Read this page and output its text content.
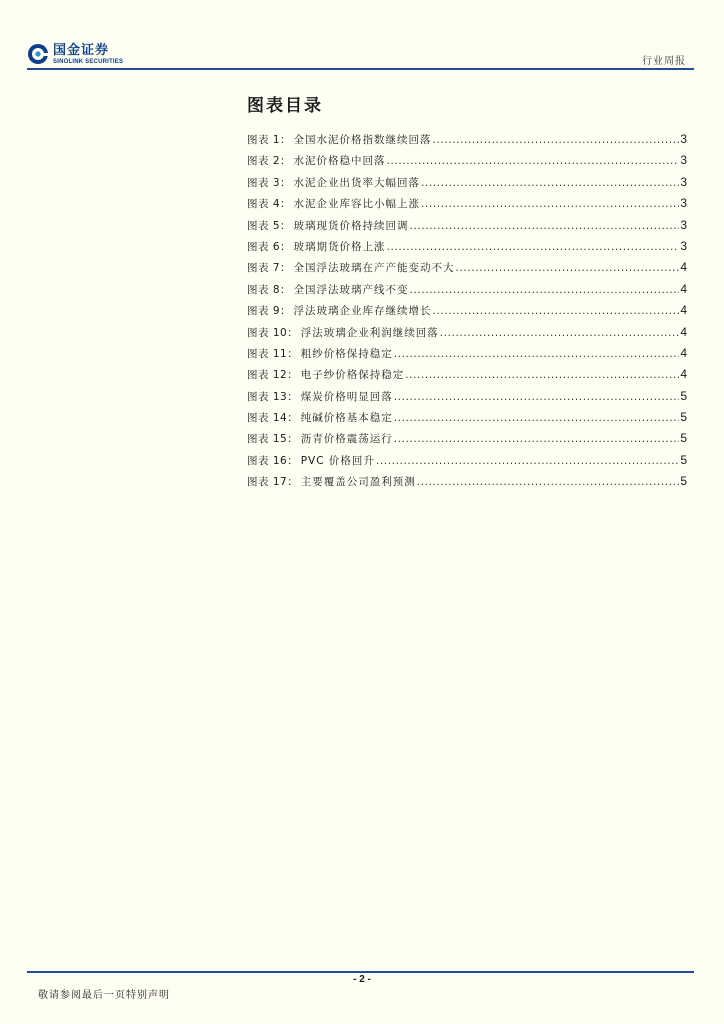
国金证券
SINOLINK SECURITIES	行业周报
图表目录
图表 1 ： 全国水泥价格指数继续回落 .....	3
图表 2 ： 水泥价格稳中回落 .....	3
图表 3 ： 水泥企业出货率大幅回落 .....	3
图表 4 ： 水泥企业库容比小幅上涨 .....	3
图表 5 ： 玻璃现货价格持续回调 .....	3
图表 6 ： 玻璃期货价格上涨 .....	3
图表 7 ： 全国浮法玻璃在产产能变动不大 .....	4
图表 8 ： 全国浮法玻璃产线不变 .....	4
图表 9 ： 浮法玻璃企业库存继续增长 .....	4
图表 10 ： 浮法玻璃企业利润继续回落 .....	4
图表 11 ： 粗纱价格保持稳定 .....	4
图表 12 ： 电子纱价格保持稳定 .....	4
图表 13 ： 煤炭价格明显回落 .....	5
图表 14 ： 纯碱价格基本稳定 .....	5
图表 15 ： 沥青价格震荡运行 .....	5
图表 16 ： PVC 价格回升 .....	5
图表 17 ： 主要覆盖公司盈利预测 .....	5
- 2 -
敬请参阅最后一页特别声明
